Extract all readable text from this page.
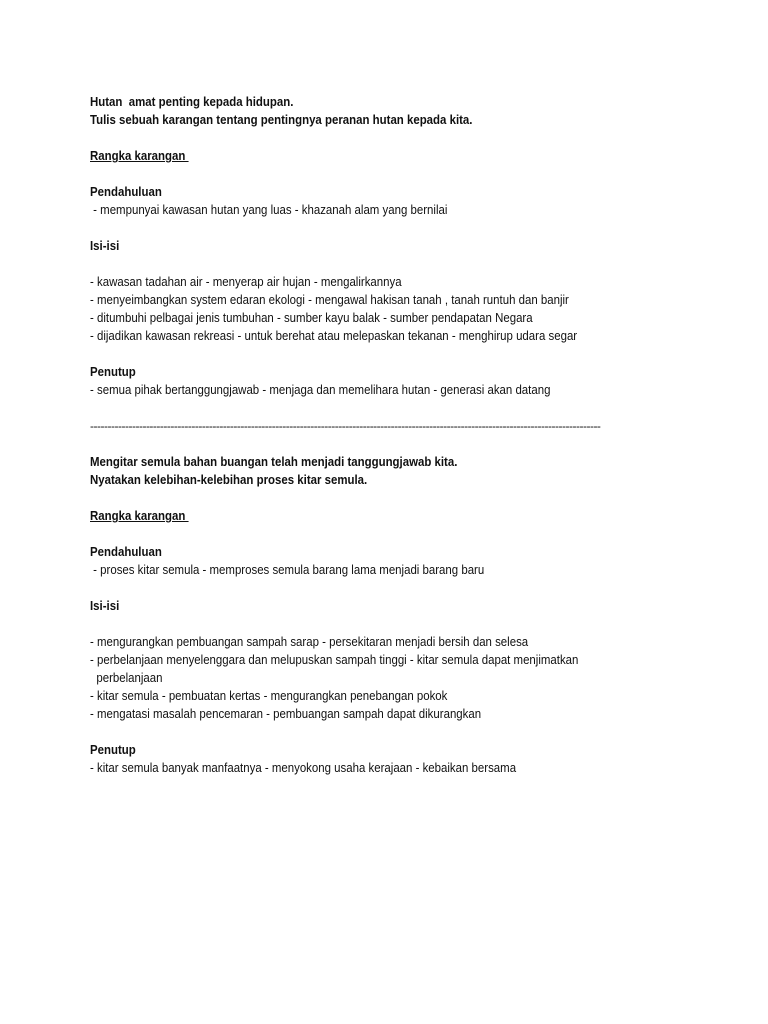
Hutan  amat penting kepada hidupan.
Tulis sebuah karangan tentang pentingnya peranan hutan kepada kita.
Rangka karangan
Pendahuluan
- mempunyai kawasan hutan yang luas - khazanah alam yang bernilai
Isi-isi
- kawasan tadahan air - menyerap air hujan - mengalirkannya
- menyeimbangkan system edaran ekologi - mengawal hakisan tanah , tanah runtuh dan banjir
- ditumbuhi pelbagai jenis tumbuhan - sumber kayu balak - sumber pendapatan Negara
- dijadikan kawasan rekreasi - untuk berehat atau melepaskan tekanan - menghirup udara segar
Penutup
- semua pihak bertanggungjawab - menjaga dan memelihara hutan - generasi akan datang
--------------------------------------------------------------------------------------------------------------------------------------------------
Mengitar semula bahan buangan telah menjadi tanggungjawab kita.
Nyatakan kelebihan-kelebihan proses kitar semula.
Rangka karangan
Pendahuluan
- proses kitar semula - memproses semula barang lama menjadi barang baru
Isi-isi
- mengurangkan pembuangan sampah sarap - persekitaran menjadi bersih dan selesa
- perbelanjaan menyelenggara dan melupuskan sampah tinggi - kitar semula dapat menjimatkan
perbelanjaan
- kitar semula - pembuatan kertas - mengurangkan penebangan pokok
- mengatasi masalah pencemaran - pembuangan sampah dapat dikurangkan
Penutup
- kitar semula banyak manfaatnya - menyokong usaha kerajaan - kebaikan bersama
